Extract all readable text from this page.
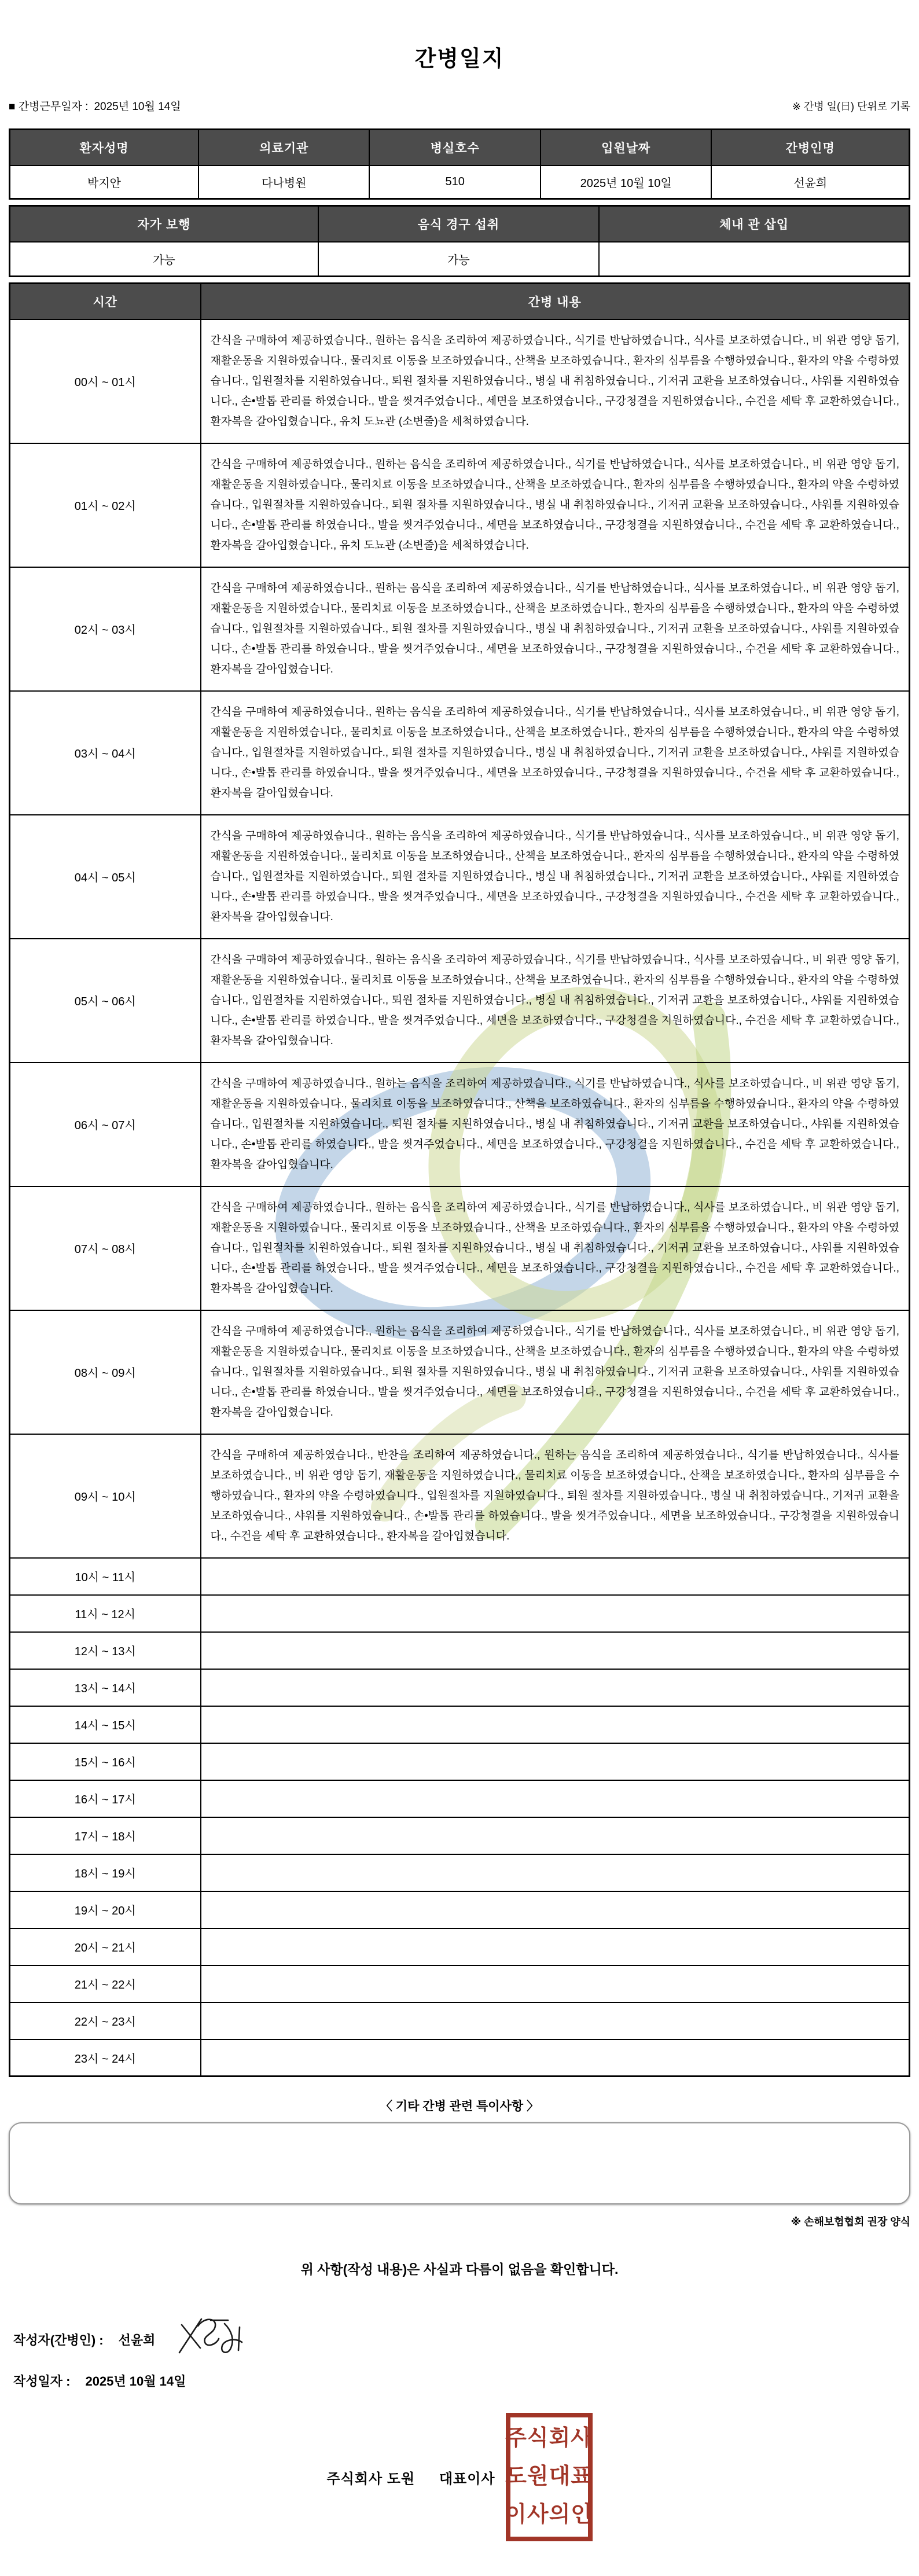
간병일지
■ 간병근무일자 : 2025년 10월 14일	※ 간병 일(日) 단위로 기록
환자성명	의료기관	병실호수	입원날짜	간병인명
박지안	다나병원	510	2025년 10월 10일	선윤희
자가 보행	음식 경구 섭취	체내 관 삽입
가능	가능	
시간	간병 내용
00시 ~ 01시	간식을 구매하여 제공하였습니다., 원하는 음식을 조리하여 제공하였습니다., 식기를 반납하였습니다., 식사를 보조하였습니다., 비 위관 영양 돕기, 재활운동을 지원하였습니다., 물리치료 이동을 보조하였습니다., 산책을 보조하였습니다., 환자의 심부름을 수행하였습니다., 환자의 약을 수령하였습니다., 입원절차를 지원하였습니다., 퇴원 절차를 지원하였습니다., 병실 내 취침하였습니다., 기저귀 교환을 보조하였습니다., 샤워를 지원하였습니다., 손•발톱 관리를 하였습니다., 발을 씻겨주었습니다., 세면을 보조하였습니다., 구강청결을 지원하였습니다., 수건을 세탁 후 교환하였습니다., 환자복을 갈아입혔습니다., 유치 도뇨관 (소변줄)을 세척하였습니다.
01시 ~ 02시	간식을 구매하여 제공하였습니다., 원하는 음식을 조리하여 제공하였습니다., 식기를 반납하였습니다., 식사를 보조하였습니다., 비 위관 영양 돕기, 재활운동을 지원하였습니다., 물리치료 이동을 보조하였습니다., 산책을 보조하였습니다., 환자의 심부름을 수행하였습니다., 환자의 약을 수령하였습니다., 입원절차를 지원하였습니다., 퇴원 절차를 지원하였습니다., 병실 내 취침하였습니다., 기저귀 교환을 보조하였습니다., 샤워를 지원하였습니다., 손•발톱 관리를 하였습니다., 발을 씻겨주었습니다., 세면을 보조하였습니다., 구강청결을 지원하였습니다., 수건을 세탁 후 교환하였습니다., 환자복을 갈아입혔습니다., 유치 도뇨관 (소변줄)을 세척하였습니다.
02시 ~ 03시	간식을 구매하여 제공하였습니다., 원하는 음식을 조리하여 제공하였습니다., 식기를 반납하였습니다., 식사를 보조하였습니다., 비 위관 영양 돕기, 재활운동을 지원하였습니다., 물리치료 이동을 보조하였습니다., 산책을 보조하였습니다., 환자의 심부름을 수행하였습니다., 환자의 약을 수령하였습니다., 입원절차를 지원하였습니다., 퇴원 절차를 지원하였습니다., 병실 내 취침하였습니다., 기저귀 교환을 보조하였습니다., 샤워를 지원하였습니다., 손•발톱 관리를 하였습니다., 발을 씻겨주었습니다., 세면을 보조하였습니다., 구강청결을 지원하였습니다., 수건을 세탁 후 교환하였습니다., 환자복을 갈아입혔습니다.
03시 ~ 04시	간식을 구매하여 제공하였습니다., 원하는 음식을 조리하여 제공하였습니다., 식기를 반납하였습니다., 식사를 보조하였습니다., 비 위관 영양 돕기, 재활운동을 지원하였습니다., 물리치료 이동을 보조하였습니다., 산책을 보조하였습니다., 환자의 심부름을 수행하였습니다., 환자의 약을 수령하였습니다., 입원절차를 지원하였습니다., 퇴원 절차를 지원하였습니다., 병실 내 취침하였습니다., 기저귀 교환을 보조하였습니다., 샤워를 지원하였습니다., 손•발톱 관리를 하였습니다., 발을 씻겨주었습니다., 세면을 보조하였습니다., 구강청결을 지원하였습니다., 수건을 세탁 후 교환하였습니다., 환자복을 갈아입혔습니다.
04시 ~ 05시	간식을 구매하여 제공하였습니다., 원하는 음식을 조리하여 제공하였습니다., 식기를 반납하였습니다., 식사를 보조하였습니다., 비 위관 영양 돕기, 재활운동을 지원하였습니다., 물리치료 이동을 보조하였습니다., 산책을 보조하였습니다., 환자의 심부름을 수행하였습니다., 환자의 약을 수령하였습니다., 입원절차를 지원하였습니다., 퇴원 절차를 지원하였습니다., 병실 내 취침하였습니다., 기저귀 교환을 보조하였습니다., 샤워를 지원하였습니다., 손•발톱 관리를 하였습니다., 발을 씻겨주었습니다., 세면을 보조하였습니다., 구강청결을 지원하였습니다., 수건을 세탁 후 교환하였습니다., 환자복을 갈아입혔습니다.
05시 ~ 06시	간식을 구매하여 제공하였습니다., 원하는 음식을 조리하여 제공하였습니다., 식기를 반납하였습니다., 식사를 보조하였습니다., 비 위관 영양 돕기, 재활운동을 지원하였습니다., 물리치료 이동을 보조하였습니다., 산책을 보조하였습니다., 환자의 심부름을 수행하였습니다., 환자의 약을 수령하였습니다., 입원절차를 지원하였습니다., 퇴원 절차를 지원하였습니다., 병실 내 취침하였습니다., 기저귀 교환을 보조하였습니다., 샤워를 지원하였습니다., 손•발톱 관리를 하였습니다., 발을 씻겨주었습니다., 세면을 보조하였습니다., 구강청결을 지원하였습니다., 수건을 세탁 후 교환하였습니다., 환자복을 갈아입혔습니다.
06시 ~ 07시	간식을 구매하여 제공하였습니다., 원하는 음식을 조리하여 제공하였습니다., 식기를 반납하였습니다., 식사를 보조하였습니다., 비 위관 영양 돕기, 재활운동을 지원하였습니다., 물리치료 이동을 보조하였습니다., 산책을 보조하였습니다., 환자의 심부름을 수행하였습니다., 환자의 약을 수령하였습니다., 입원절차를 지원하였습니다., 퇴원 절차를 지원하였습니다., 병실 내 취침하였습니다., 기저귀 교환을 보조하였습니다., 샤워를 지원하였습니다., 손•발톱 관리를 하였습니다., 발을 씻겨주었습니다., 세면을 보조하였습니다., 구강청결을 지원하였습니다., 수건을 세탁 후 교환하였습니다., 환자복을 갈아입혔습니다.
07시 ~ 08시	간식을 구매하여 제공하였습니다., 원하는 음식을 조리하여 제공하였습니다., 식기를 반납하였습니다., 식사를 보조하였습니다., 비 위관 영양 돕기, 재활운동을 지원하였습니다., 물리치료 이동을 보조하였습니다., 산책을 보조하였습니다., 환자의 심부름을 수행하였습니다., 환자의 약을 수령하였습니다., 입원절차를 지원하였습니다., 퇴원 절차를 지원하였습니다., 병실 내 취침하였습니다., 기저귀 교환을 보조하였습니다., 샤워를 지원하였습니다., 손•발톱 관리를 하였습니다., 발을 씻겨주었습니다., 세면을 보조하였습니다., 구강청결을 지원하였습니다., 수건을 세탁 후 교환하였습니다., 환자복을 갈아입혔습니다.
08시 ~ 09시	간식을 구매하여 제공하였습니다., 원하는 음식을 조리하여 제공하였습니다., 식기를 반납하였습니다., 식사를 보조하였습니다., 비 위관 영양 돕기, 재활운동을 지원하였습니다., 물리치료 이동을 보조하였습니다., 산책을 보조하였습니다., 환자의 심부름을 수행하였습니다., 환자의 약을 수령하였습니다., 입원절차를 지원하였습니다., 퇴원 절차를 지원하였습니다., 병실 내 취침하였습니다., 기저귀 교환을 보조하였습니다., 샤워를 지원하였습니다., 손•발톱 관리를 하였습니다., 발을 씻겨주었습니다., 세면을 보조하였습니다., 구강청결을 지원하였습니다., 수건을 세탁 후 교환하였습니다., 환자복을 갈아입혔습니다.
09시 ~ 10시	간식을 구매하여 제공하였습니다., 반찬을 조리하여 제공하였습니다., 원하는 음식을 조리하여 제공하였습니다., 식기를 반납하였습니다., 식사를 보조하였습니다., 비 위관 영양 돕기, 재활운동을 지원하였습니다., 물리치료 이동을 보조하였습니다., 산책을 보조하였습니다., 환자의 심부름을 수행하였습니다., 환자의 약을 수령하였습니다., 입원절차를 지원하였습니다., 퇴원 절차를 지원하였습니다., 병실 내 취침하였습니다., 기저귀 교환을 보조하였습니다., 샤워를 지원하였습니다., 손•발톱 관리를 하였습니다., 발을 씻겨주었습니다., 세면을 보조하였습니다., 구강청결을 지원하였습니다., 수건을 세탁 후 교환하였습니다., 환자복을 갈아입혔습니다.
10시 ~ 11시	
11시 ~ 12시	
12시 ~ 13시	
13시 ~ 14시	
14시 ~ 15시	
15시 ~ 16시	
16시 ~ 17시	
17시 ~ 18시	
18시 ~ 19시	
19시 ~ 20시	
20시 ~ 21시	
21시 ~ 22시	
22시 ~ 23시	
23시 ~ 24시	
〈 기타 간병 관련 특이사항 〉
※ 손해보험협회 권장 양식
위 사항(작성 내용)은 사실과 다름이 없음을 확인합니다.
작성자(간병인) : 선윤희
작성일자 : 2025년 10월 14일
주식회사 도원 대표이사
주식회사
도원대표
이사의인
